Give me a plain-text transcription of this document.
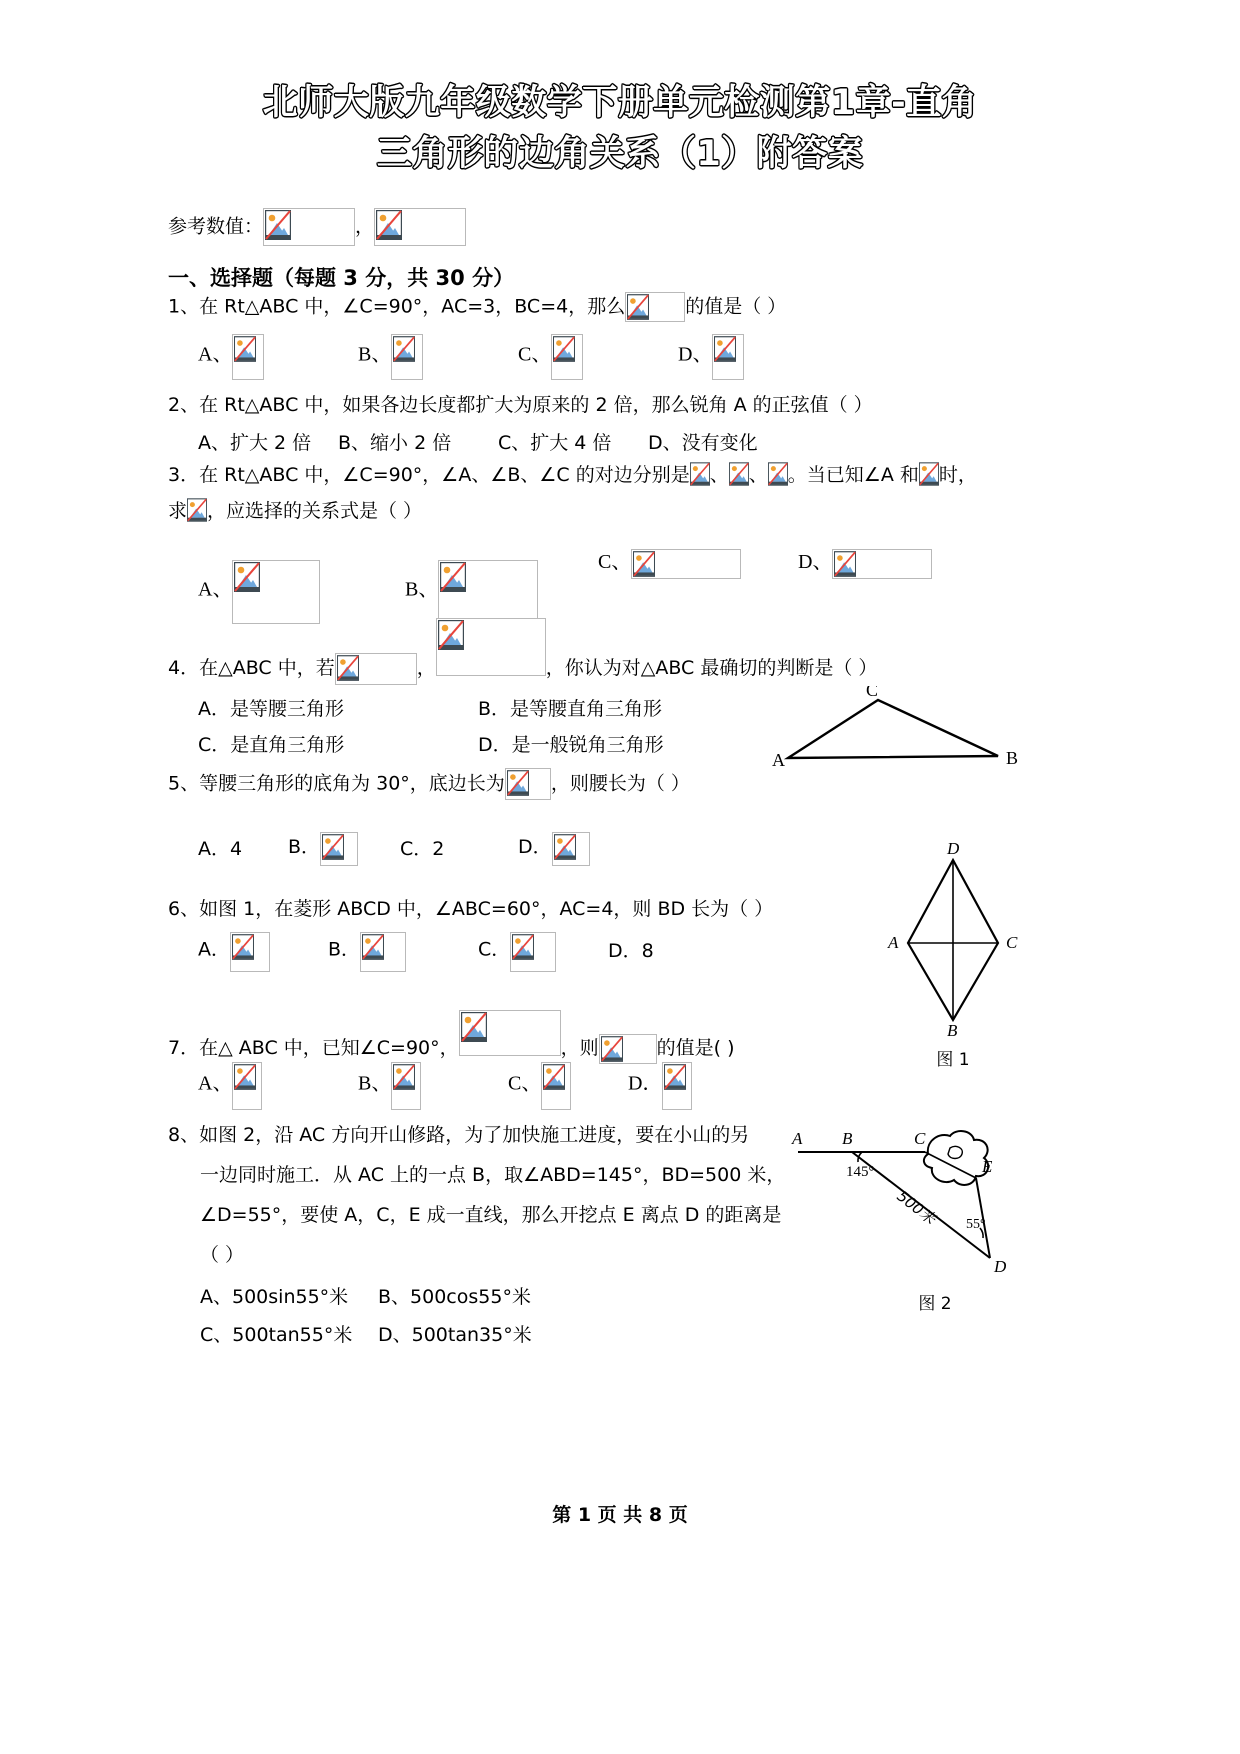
北师大版九年级数学下册单元检测第1章-直角
三角形的边角关系（1）附答案
参考数值：	，
一、选择题（每题 3 分，共 30 分）
1、在 Rt△ABC 中，∠C=90°，AC=3，BC=4，那么	的值是（ ）
A、	B、	C、	D、
2、在 Rt△ABC 中，如果各边长度都扩大为原来的 2 倍，那么锐角 A 的正弦值（ ）
A、扩大 2 倍 B、缩小 2 倍 C、扩大 4 倍 D、没有变化
3．在 Rt△ABC 中，∠C=90°，∠A、∠B、∠C 的对边分别是 、 、 。当已知∠A 和 时，
求 ，应选择的关系式是（ ）
A、	B、
C、	D、
4．在△ABC 中，若	，	，你认为对△ABC 最确切的判断是（ ）
A．是等腰三角形	B．是等腰直角三角形
C．是直角三角形	D．是一般锐角三角形
C
A	B
5、等腰三角形的底角为 30°，底边长为 ，则腰长为（ ）
A．4 B．	C．2	D．
6、如图 1，在菱形 ABCD 中，∠ABC=60°，AC=4，则 BD 长为（ ）
A．	B．	C．	D．8
D
A	C
B
图 1
7．在△ ABC 中，已知∠C=90°，	，则	的值是( )
A、	B、	C、	D．
8、如图 2，沿 AC 方向开山修路，为了加快施工进度，要在小山的另
一边同时施工．从 AC 上的一点 B，取∠ABD=145°，BD=500 米，
∠D=55°，要使 A，C，E 成一直线，那么开挖点 E 离点 D 的距离是
（ ）
A、500sin55°米 B、500cos55°米
C、500tan55°米 D、500tan35°米
A B	C
E
D
145°
55°
500米
图 2
第 1 页 共 8 页
